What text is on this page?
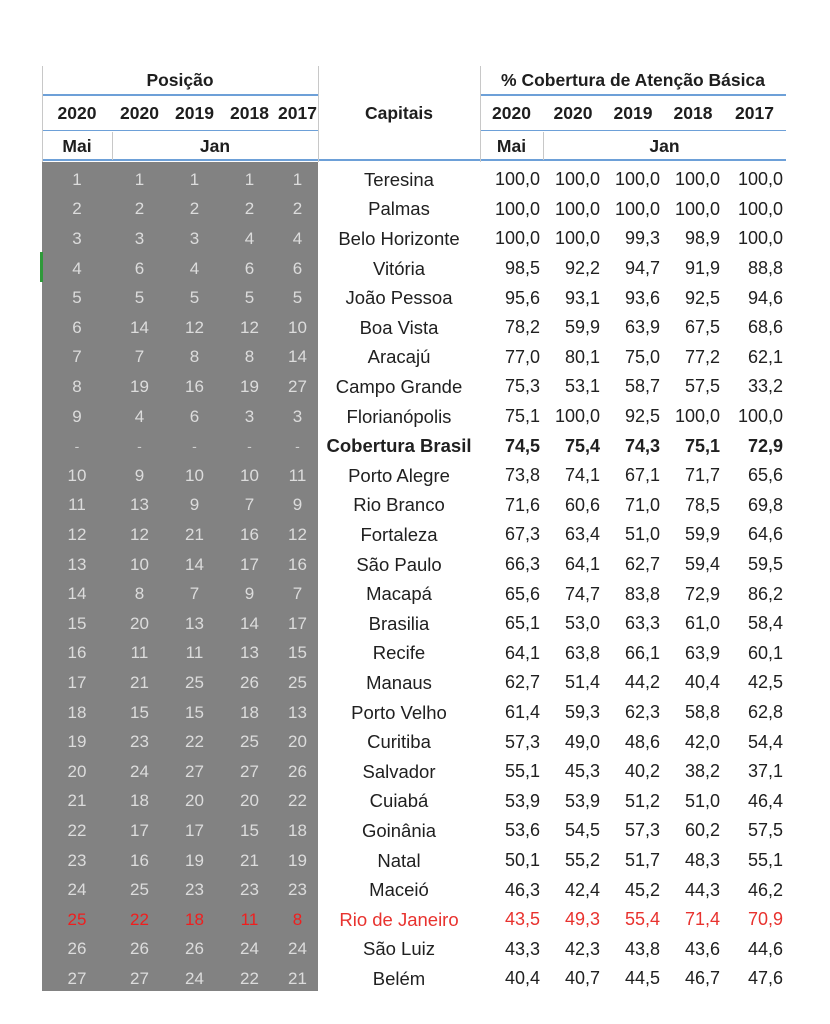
Posição
Capitais
% Cobertura de Atenção Básica
2020	2020 2019 2018 2017	2020	2020	2019	2018	2017
Mai	Jan	Mai	Jan
1	1	1	1	1	Teresina	100,0 100,0 100,0 100,0 100,0
2	2	2	2	2	Palmas	100,0 100,0 100,0 100,0 100,0
3	3	3	4	4	Belo Horizonte	100,0 100,0	99,3	98,9 100,0
4	6	4	6	6	Vitória	98,5	92,2	94,7	91,9	88,8
5	5	5	5	5	João Pessoa	95,6	93,1	93,6	92,5	94,6
6	14	12	12	10	Boa Vista	78,2	59,9	63,9	67,5	68,6
7	7	8	8	14	Aracajú	77,0	80,1	75,0	77,2	62,1
8	19	16	19	27	Campo Grande	75,3	53,1	58,7	57,5	33,2
9	4	6	3	3	Florianópolis	75,1 100,0	92,5 100,0 100,0
-	-	-	-	-	Cobertura Brasil	74,5	75,4	74,3	75,1	72,9
10	9	10	10	11	Porto Alegre	73,8	74,1	67,1	71,7	65,6
11	13	9	7	9	Rio Branco	71,6	60,6	71,0	78,5	69,8
12	12	21	16	12	Fortaleza	67,3	63,4	51,0	59,9	64,6
13	10	14	17	16	São Paulo	66,3	64,1	62,7	59,4	59,5
14	8	7	9	7	Macapá	65,6	74,7	83,8	72,9	86,2
15	20	13	14	17	Brasilia	65,1	53,0	63,3	61,0	58,4
16	11	11	13	15	Recife	64,1	63,8	66,1	63,9	60,1
17	21	25	26	25	Manaus	62,7	51,4	44,2	40,4	42,5
18	15	15	18	13	Porto Velho	61,4	59,3	62,3	58,8	62,8
19	23	22	25	20	Curitiba	57,3	49,0	48,6	42,0	54,4
20	24	27	27	26	Salvador	55,1	45,3	40,2	38,2	37,1
21	18	20	20	22	Cuiabá	53,9	53,9	51,2	51,0	46,4
22	17	17	15	18	Goinânia	53,6	54,5	57,3	60,2	57,5
23	16	19	21	19	Natal	50,1	55,2	51,7	48,3	55,1
24	25	23	23	23	Maceió	46,3	42,4	45,2	44,3	46,2
25	22	18	11	8	Rio de Janeiro	43,5	49,3	55,4	71,4	70,9
26	26	26	24	24	São Luiz	43,3	42,3	43,8	43,6	44,6
27	27	24	22	21	Belém	40,4	40,7	44,5	46,7	47,6
